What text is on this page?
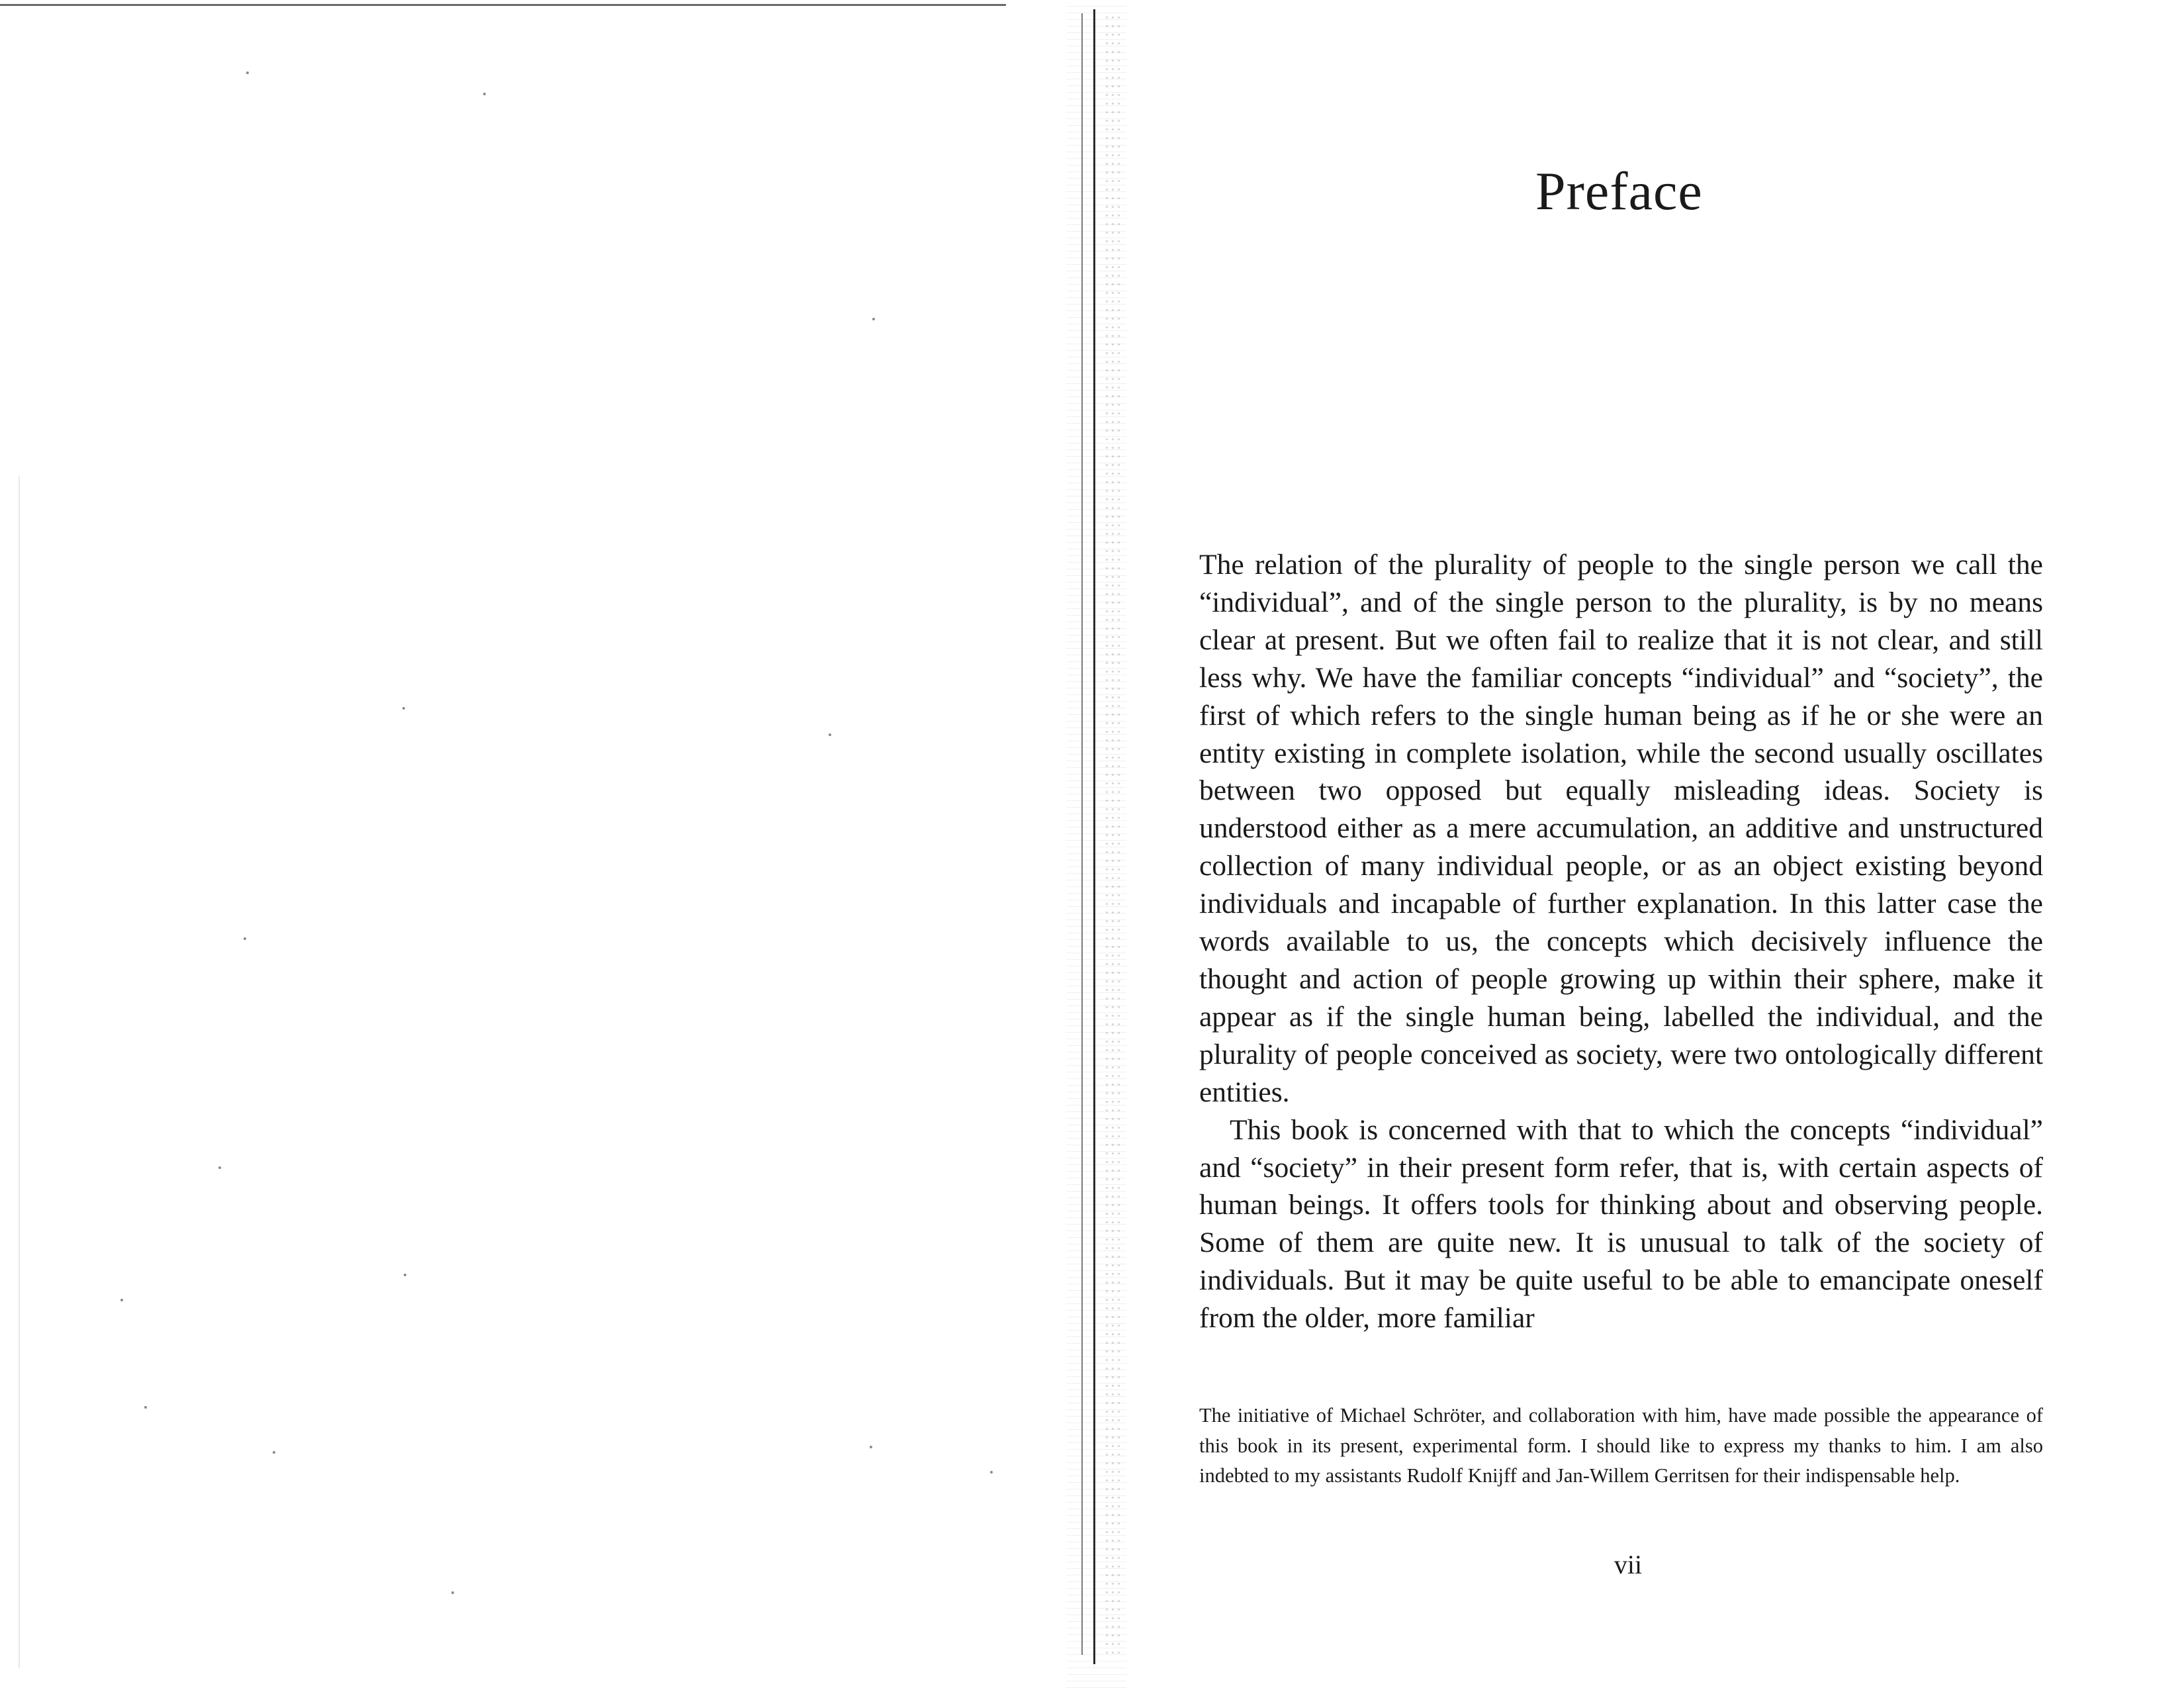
Preface

The relation of the plurality of people to the single person we call the “individual”, and of the single person to the plurality, is by no means clear at present. But we often fail to realize that it is not clear, and still less why. We have the familiar concepts “individual” and “society”, the first of which refers to the single human being as if he or she were an entity existing in complete isolation, while the second usually oscillates between two opposed but equally misleading ideas. Society is understood either as a mere accumulation, an additive and unstructured collection of many individual people, or as an object existing beyond individuals and incapable of further explanation. In this latter case the words available to us, the concepts which decisively influence the thought and action of people growing up within their sphere, make it appear as if the single human being, labelled the individual, and the plurality of people conceived as society, were two ontologically different entities.

This book is concerned with that to which the concepts “individual” and “society” in their present form refer, that is, with certain aspects of human beings. It offers tools for thinking about and observing people. Some of them are quite new. It is unusual to talk of the society of individuals. But it may be quite useful to be able to emancipate oneself from the older, more familiar

The initiative of Michael Schröter, and collaboration with him, have made possible the appearance of this book in its present, experimental form. I should like to express my thanks to him. I am also indebted to my assistants Rudolf Knijff and Jan-Willem Gerritsen for their indispensable help.

vii
